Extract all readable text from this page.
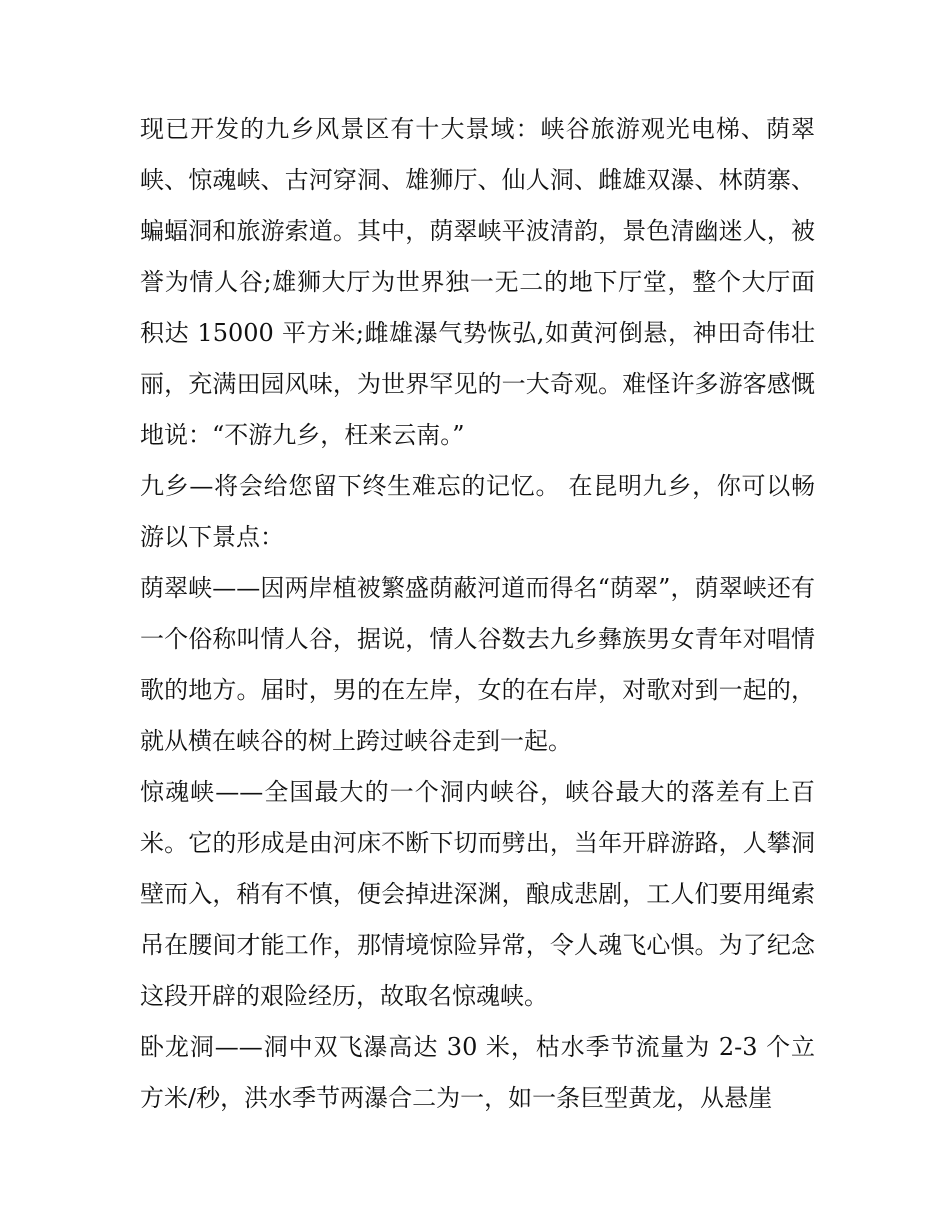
现已开发的九乡风景区有十大景域：峡谷旅游观光电梯、荫翠峡、惊魂峡、古河穿洞、雄狮厅、仙人洞、雌雄双瀑、林荫寨、蝙蝠洞和旅游索道。其中，荫翠峡平波清韵，景色清幽迷人，被誉为情人谷;雄狮大厅为世界独一无二的地下厅堂，整个大厅面积达 15000 平方米;雌雄瀑气势恢弘,如黄河倒悬，神田奇伟壮丽，充满田园风味，为世界罕见的一大奇观。难怪许多游客感慨地说：“不游九乡，枉来云南。”

九乡—将会给您留下终生难忘的记忆。 在昆明九乡，你可以畅游以下景点：

荫翠峡——因两岸植被繁盛荫蔽河道而得名“荫翠”，荫翠峡还有一个俗称叫情人谷，据说，情人谷数去九乡彝族男女青年对唱情歌的地方。届时，男的在左岸，女的在右岸，对歌对到一起的，就从横在峡谷的树上跨过峡谷走到一起。

惊魂峡——全国最大的一个洞内峡谷，峡谷最大的落差有上百米。它的形成是由河床不断下切而劈出，当年开辟游路，人攀洞壁而入，稍有不慎，便会掉进深渊，酿成悲剧，工人们要用绳索吊在腰间才能工作，那情境惊险异常，令人魂飞心惧。为了纪念这段开辟的艰险经历，故取名惊魂峡。

卧龙洞——洞中双飞瀑高达 30 米，枯水季节流量为 2-3 个立方米/秒，洪水季节两瀑合二为一，如一条巨型黄龙，从悬崖
